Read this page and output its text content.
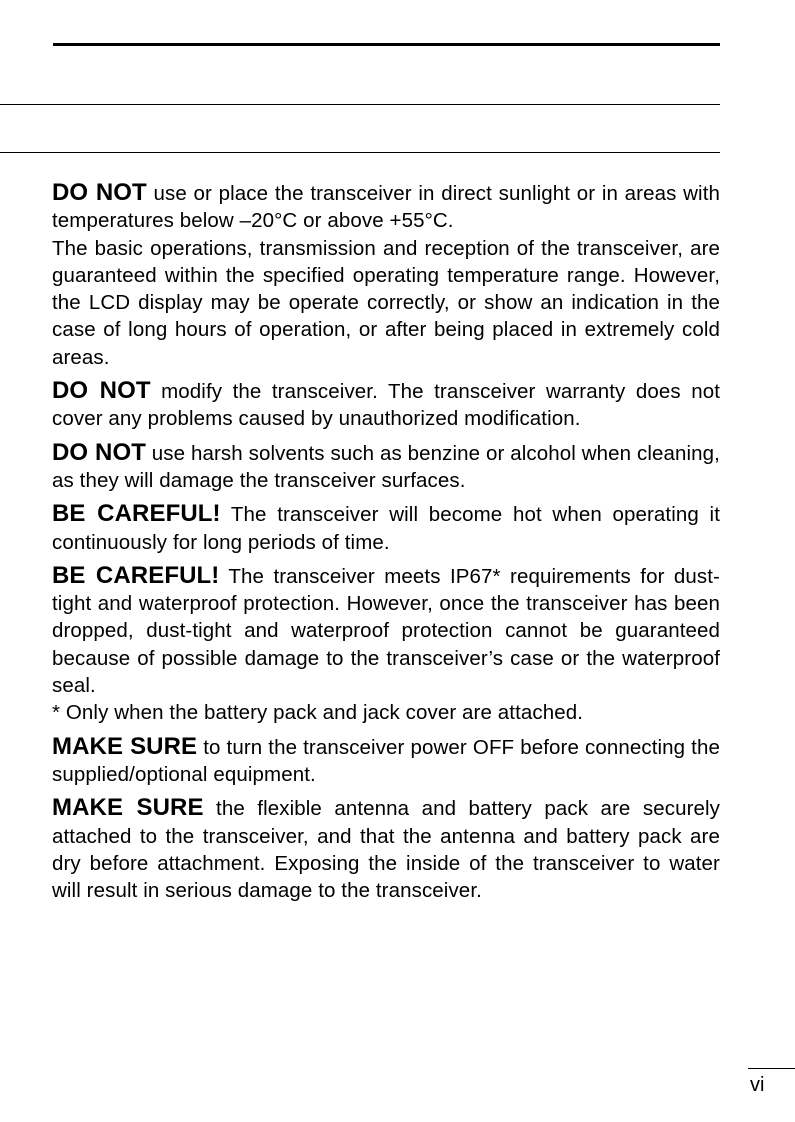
DO NOT use or place the transceiver in direct sunlight or in areas with temperatures below –20°C or above +55°C.
The basic operations, transmission and reception of the transceiver, are guaranteed within the specified operating temperature range. However, the LCD display may be operate correctly, or show an indication in the case of long hours of operation, or after being placed in extremely cold areas.

DO NOT modify the transceiver. The transceiver warranty does not cover any problems caused by unauthorized modification.

DO NOT use harsh solvents such as benzine or alcohol when cleaning, as they will damage the transceiver surfaces.

BE CAREFUL! The transceiver will become hot when operating it continuously for long periods of time.

BE CAREFUL! The transceiver meets IP67* requirements for dust-tight and waterproof protection. However, once the transceiver has been dropped, dust-tight and waterproof protection cannot be guaranteed because of possible damage to the transceiver’s case or the waterproof seal.
* Only when the battery pack and jack cover are attached.

MAKE SURE to turn the transceiver power OFF before connecting the supplied/optional equipment.

MAKE SURE the flexible antenna and battery pack are securely attached to the transceiver, and that the antenna and battery pack are dry before attachment. Exposing the inside of the transceiver to water will result in serious damage to the transceiver.

vi
